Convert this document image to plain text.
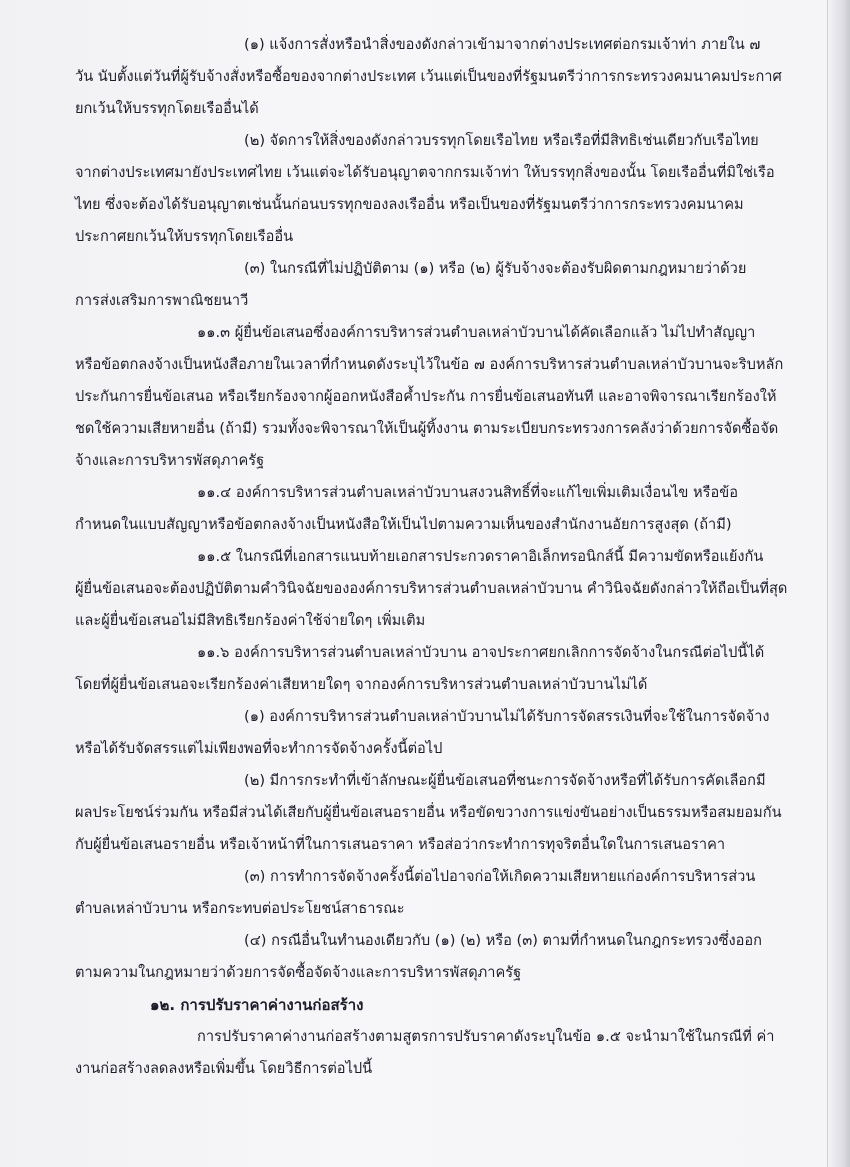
(๑) แจ้งการสั่งหรือนำสิ่งของดังกล่าวเข้ามาจากต่างประเทศต่อกรมเจ้าท่า ภายใน ๗
วัน นับตั้งแต่วันที่ผู้รับจ้างสั่งหรือซื้อของจากต่างประเทศ เว้นแต่เป็นของที่รัฐมนตรีว่าการกระทรวงคมนาคมประกาศ
ยกเว้นให้บรรทุกโดยเรืออื่นได้
(๒) จัดการให้สิ่งของดังกล่าวบรรทุกโดยเรือไทย หรือเรือที่มีสิทธิเช่นเดียวกับเรือไทย
จากต่างประเทศมายังประเทศไทย เว้นแต่จะได้รับอนุญาตจากกรมเจ้าท่า ให้บรรทุกสิ่งของนั้น โดยเรืออื่นที่มิใช่เรือ
ไทย ซึ่งจะต้องได้รับอนุญาตเช่นนั้นก่อนบรรทุกของลงเรืออื่น หรือเป็นของที่รัฐมนตรีว่าการกระทรวงคมนาคม
ประกาศยกเว้นให้บรรทุกโดยเรืออื่น
(๓) ในกรณีที่ไม่ปฏิบัติตาม (๑) หรือ (๒) ผู้รับจ้างจะต้องรับผิดตามกฎหมายว่าด้วย
การส่งเสริมการพาณิชยนาวี
๑๑.๓ ผู้ยื่นข้อเสนอซึ่งองค์การบริหารส่วนตำบลเหล่าบัวบานได้คัดเลือกแล้ว ไม่ไปทำสัญญา
หรือข้อตกลงจ้างเป็นหนังสือภายในเวลาที่กำหนดดังระบุไว้ในข้อ ๗ องค์การบริหารส่วนตำบลเหล่าบัวบานจะริบหลัก
ประกันการยื่นข้อเสนอ หรือเรียกร้องจากผู้ออกหนังสือค้ำประกัน การยื่นข้อเสนอทันที และอาจพิจารณาเรียกร้องให้
ชดใช้ความเสียหายอื่น (ถ้ามี) รวมทั้งจะพิจารณาให้เป็นผู้ทิ้งงาน ตามระเบียบกระทรวงการคลังว่าด้วยการจัดซื้อจัด
จ้างและการบริหารพัสดุภาครัฐ
๑๑.๔ องค์การบริหารส่วนตำบลเหล่าบัวบานสงวนสิทธิ์ที่จะแก้ไขเพิ่มเติมเงื่อนไข หรือข้อ
กำหนดในแบบสัญญาหรือข้อตกลงจ้างเป็นหนังสือให้เป็นไปตามความเห็นของสำนักงานอัยการสูงสุด (ถ้ามี)
๑๑.๕ ในกรณีที่เอกสารแนบท้ายเอกสารประกวดราคาอิเล็กทรอนิกส์นี้ มีความขัดหรือแย้งกัน
ผู้ยื่นข้อเสนอจะต้องปฏิบัติตามคำวินิจฉัยขององค์การบริหารส่วนตำบลเหล่าบัวบาน คำวินิจฉัยดังกล่าวให้ถือเป็นที่สุด
และผู้ยื่นข้อเสนอไม่มีสิทธิเรียกร้องค่าใช้จ่ายใดๆ เพิ่มเติม
๑๑.๖ องค์การบริหารส่วนตำบลเหล่าบัวบาน อาจประกาศยกเลิกการจัดจ้างในกรณีต่อไปนี้ได้
โดยที่ผู้ยื่นข้อเสนอจะเรียกร้องค่าเสียหายใดๆ จากองค์การบริหารส่วนตำบลเหล่าบัวบานไม่ได้
(๑) องค์การบริหารส่วนตำบลเหล่าบัวบานไม่ได้รับการจัดสรรเงินที่จะใช้ในการจัดจ้าง
หรือได้รับจัดสรรแต่ไม่เพียงพอที่จะทำการจัดจ้างครั้งนี้ต่อไป
(๒) มีการกระทำที่เข้าลักษณะผู้ยื่นข้อเสนอที่ชนะการจัดจ้างหรือที่ได้รับการคัดเลือกมี
ผลประโยชน์ร่วมกัน หรือมีส่วนได้เสียกับผู้ยื่นข้อเสนอรายอื่น หรือขัดขวางการแข่งขันอย่างเป็นธรรมหรือสมยอมกัน
กับผู้ยื่นข้อเสนอรายอื่น หรือเจ้าหน้าที่ในการเสนอราคา หรือส่อว่ากระทำการทุจริตอื่นใดในการเสนอราคา
(๓) การทำการจัดจ้างครั้งนี้ต่อไปอาจก่อให้เกิดความเสียหายแก่องค์การบริหารส่วน
ตำบลเหล่าบัวบาน หรือกระทบต่อประโยชน์สาธารณะ
(๔) กรณีอื่นในทำนองเดียวกับ (๑) (๒) หรือ (๓) ตามที่กำหนดในกฎกระทรวงซึ่งออก
ตามความในกฎหมายว่าด้วยการจัดซื้อจัดจ้างและการบริหารพัสดุภาครัฐ
๑๒. การปรับราคาค่างานก่อสร้าง
การปรับราคาค่างานก่อสร้างตามสูตรการปรับราคาดังระบุในข้อ ๑.๕ จะนำมาใช้ในกรณีที่ ค่า
งานก่อสร้างลดลงหรือเพิ่มขึ้น โดยวิธีการต่อไปนี้
